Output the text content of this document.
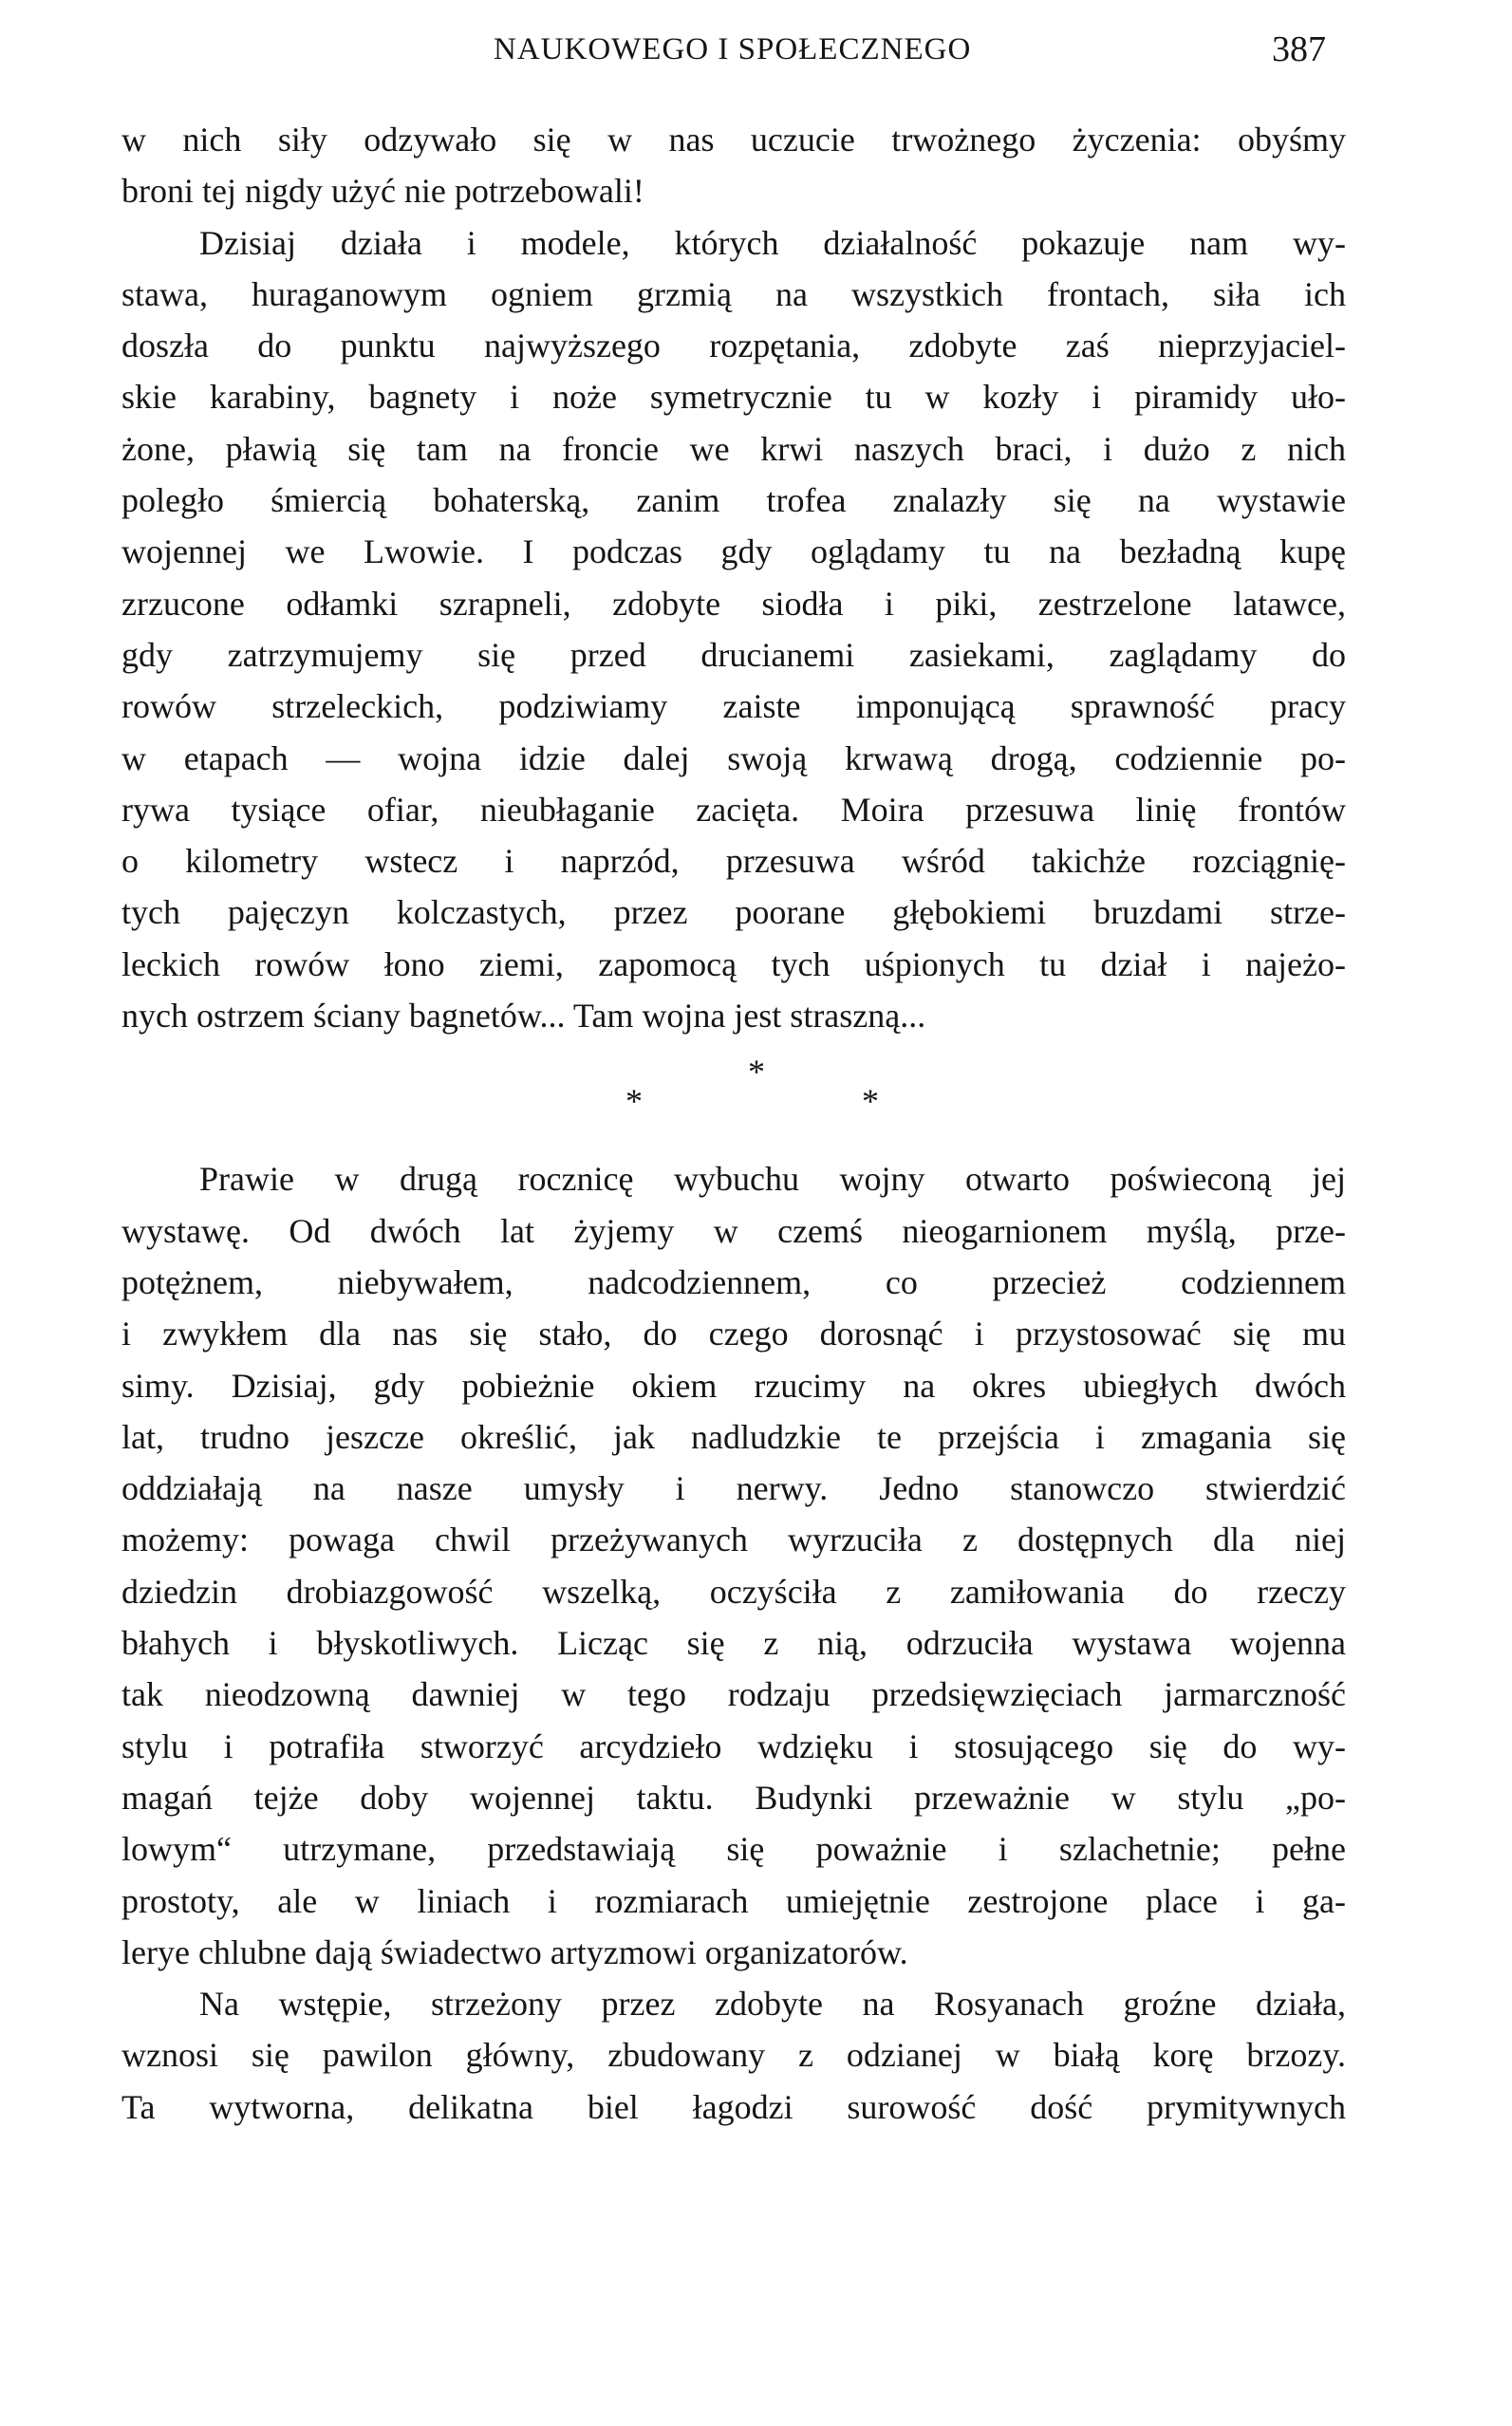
NAUKOWEGO I SPOŁECZNEGO	387
w nich siły odzywało się w nas uczucie trwożnego życzenia: obyśmy
broni tej nigdy użyć nie potrzebowali!
Dzisiaj działa i modele, których działalność pokazuje nam wy-
stawa, huraganowym ogniem grzmią na wszystkich frontach, siła ich
doszła do punktu najwyższego rozpętania, zdobyte zaś nieprzyjaciel-
skie karabiny, bagnety i noże symetrycznie tu w kozły i piramidy uło-
żone, pławią się tam na froncie we krwi naszych braci, i dużo z nich
poległo śmiercią bohaterską, zanim trofea znalazły się na wystawie
wojennej we Lwowie. I podczas gdy oglądamy tu na bezładną kupę
zrzucone odłamki szrapneli, zdobyte siodła i piki, zestrzelone latawce,
gdy zatrzymujemy się przed drucianemi zasiekami, zaglądamy do
rowów strzeleckich, podziwiamy zaiste imponującą sprawność pracy
w etapach — wojna idzie dalej swoją krwawą drogą, codziennie po-
rywa tysiące ofiar, nieubłaganie zacięta. Moira przesuwa linię frontów
o kilometry wstecz i naprzód, przesuwa wśród takichże rozciągnię-
tych pajęczyn kolczastych, przez poorane głębokiemi bruzdami strze-
leckich rowów łono ziemi, zapomocą tych uśpionych tu dział i najeżo-
nych ostrzem ściany bagnetów... Tam wojna jest straszną...
*
*	*
Prawie w drugą rocznicę wybuchu wojny otwarto poświeconą jej
wystawę. Od dwóch lat żyjemy w czemś nieogarnionem myślą, prze-
potężnem, niebywałem, nadcodziennem, co przecież codziennem
i zwykłem dla nas się stało, do czego dorosnąć i przystosować się mu
simy. Dzisiaj, gdy pobieżnie okiem rzucimy na okres ubiegłych dwóch
lat, trudno jeszcze określić, jak nadludzkie te przejścia i zmagania się
oddziałają na nasze umysły i nerwy. Jedno stanowczo stwierdzić
możemy: powaga chwil przeżywanych wyrzuciła z dostępnych dla niej
dziedzin drobiazgowość wszelką, oczyściła z zamiłowania do rzeczy
błahych i błyskotliwych. Licząc się z nią, odrzuciła wystawa wojenna
tak nieodzowną dawniej w tego rodzaju przedsięwzięciach jarmarczność
stylu i potrafiła stworzyć arcydzieło wdzięku i stosującego się do wy-
magań tejże doby wojennej taktu. Budynki przeważnie w stylu „po-
lowym“ utrzymane, przedstawiają się poważnie i szlachetnie; pełne
prostoty, ale w liniach i rozmiarach umiejętnie zestrojone place i ga-
lerye chlubne dają świadectwo artyzmowi organizatorów.
Na wstępie, strzeżony przez zdobyte na Rosyanach groźne działa,
wznosi się pawilon główny, zbudowany z odzianej w białą korę brzozy.
Ta wytworna, delikatna biel łagodzi surowość dość prymitywnych
